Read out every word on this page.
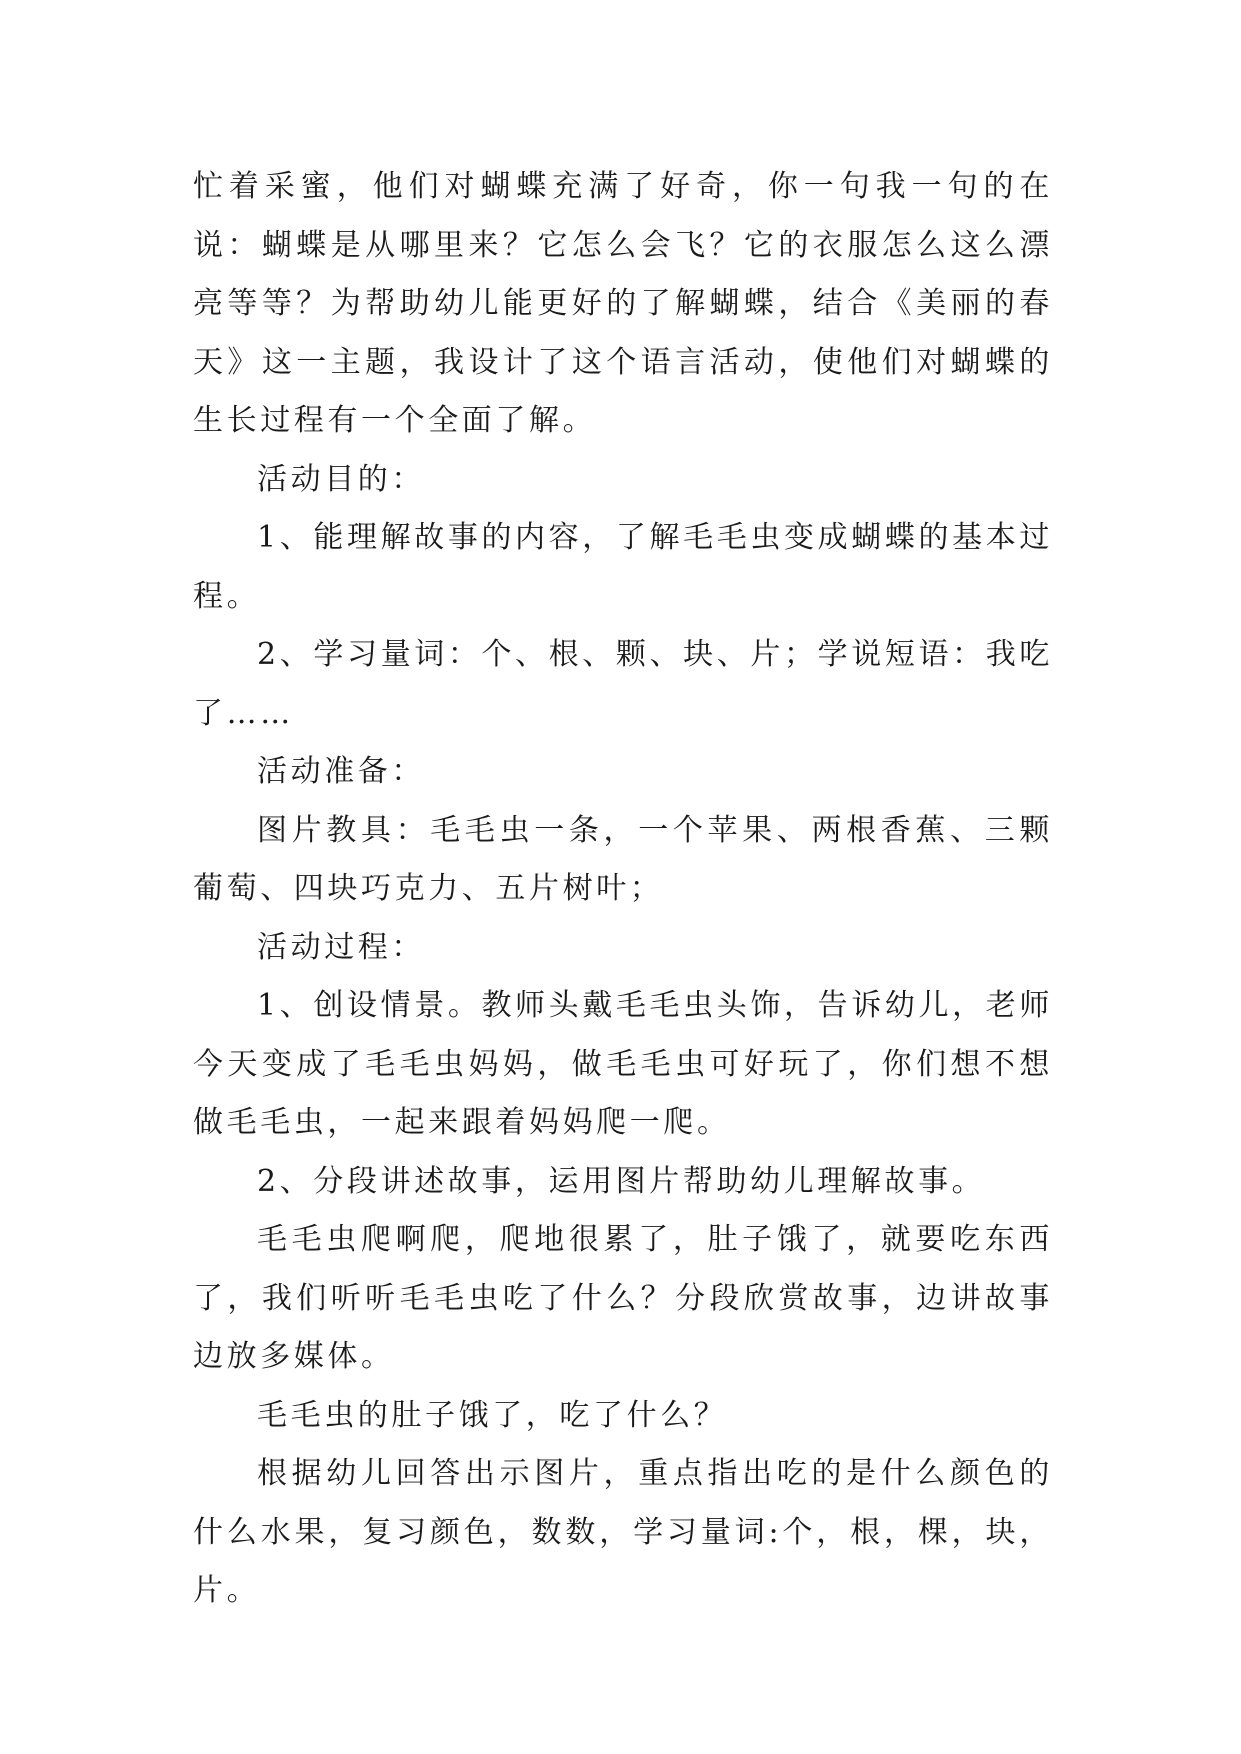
忙着采蜜，他们对蝴蝶充满了好奇，你一句我一句的在说：蝴蝶是从哪里来？它怎么会飞？它的衣服怎么这么漂亮等等？为帮助幼儿能更好的了解蝴蝶，结合《美丽的春天》这一主题，我设计了这个语言活动，使他们对蝴蝶的生长过程有一个全面了解。

活动目的：

1、能理解故事的内容，了解毛毛虫变成蝴蝶的基本过程。

2、学习量词：个、根、颗、块、片；学说短语：我吃了……

活动准备：

图片教具：毛毛虫一条，一个苹果、两根香蕉、三颗葡萄、四块巧克力、五片树叶；

活动过程：

1、创设情景。教师头戴毛毛虫头饰，告诉幼儿，老师今天变成了毛毛虫妈妈，做毛毛虫可好玩了，你们想不想做毛毛虫，一起来跟着妈妈爬一爬。

2、分段讲述故事，运用图片帮助幼儿理解故事。

毛毛虫爬啊爬，爬地很累了，肚子饿了，就要吃东西了，我们听听毛毛虫吃了什么？分段欣赏故事，边讲故事边放多媒体。

毛毛虫的肚子饿了，吃了什么？

根据幼儿回答出示图片，重点指出吃的是什么颜色的什么水果，复习颜色，数数，学习量词:个，根，棵，块，片。
